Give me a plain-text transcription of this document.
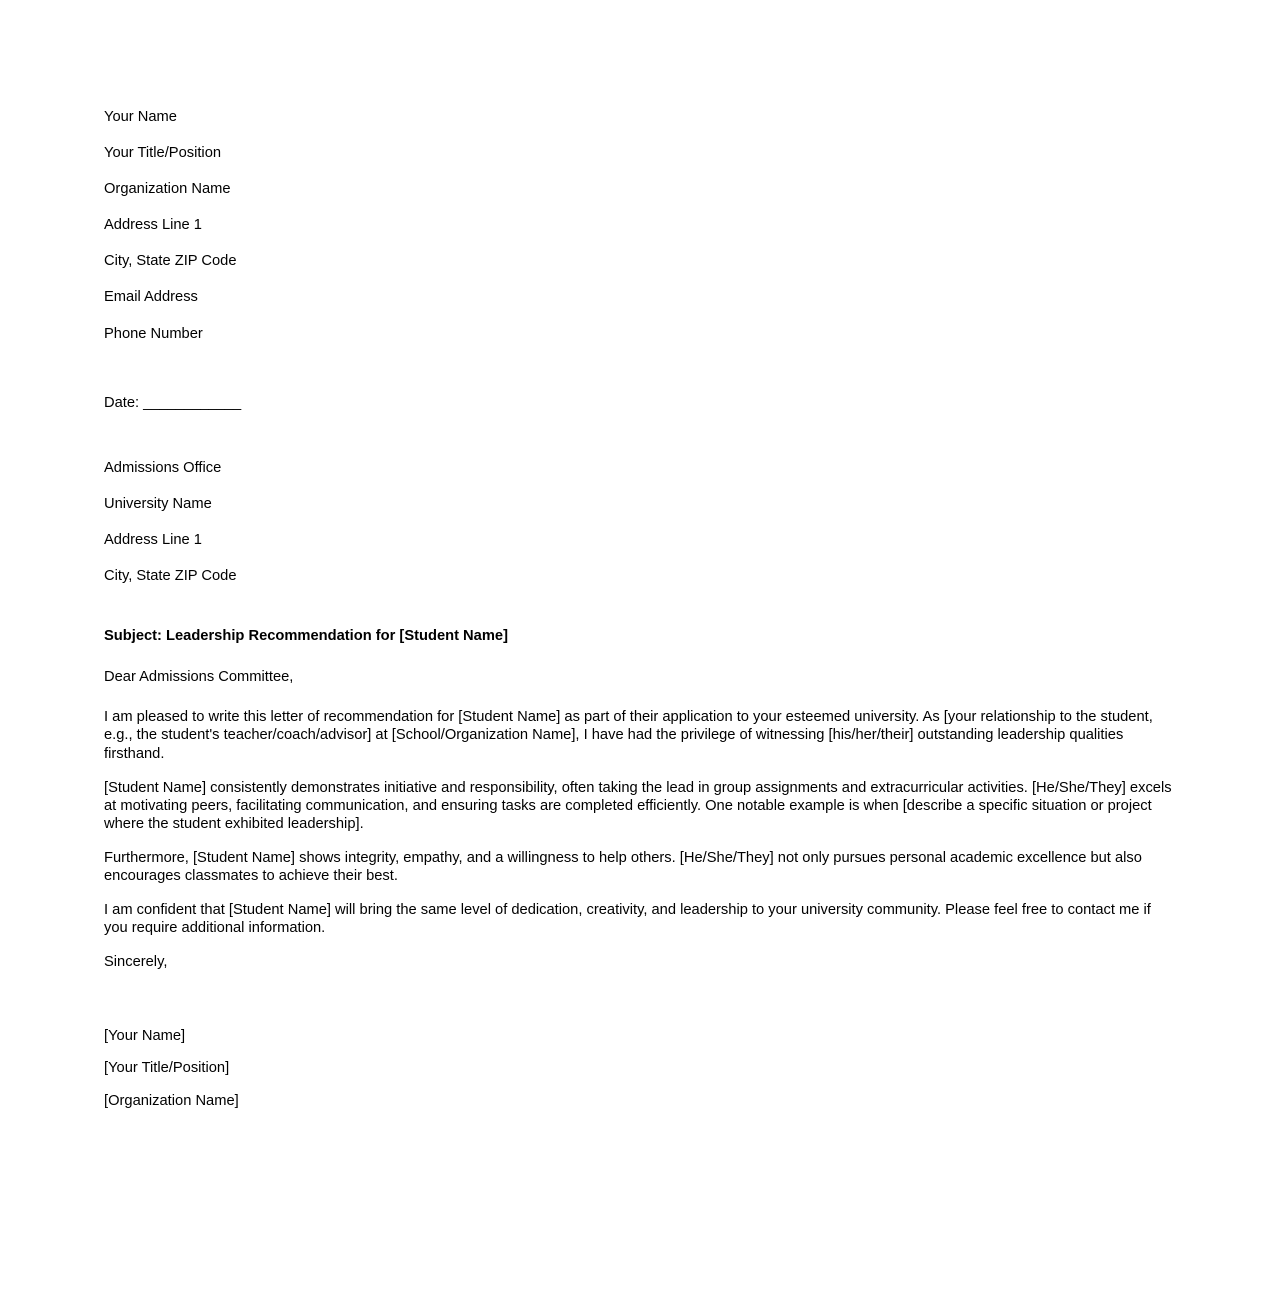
Your Name

Your Title/Position

Organization Name

Address Line 1

City, State ZIP Code

Email Address

Phone Number

Date: ____________

Admissions Office

University Name

Address Line 1

City, State ZIP Code

Subject: Leadership Recommendation for [Student Name]
Dear Admissions Committee,

I am pleased to write this letter of recommendation for [Student Name] as part of their application to your esteemed university. As [your relationship to the student, e.g., the student's teacher/coach/advisor] at [School/Organization Name], I have had the privilege of witnessing [his/her/their] outstanding leadership qualities firsthand.

[Student Name] consistently demonstrates initiative and responsibility, often taking the lead in group assignments and extracurricular activities. [He/She/They] excels at motivating peers, facilitating communication, and ensuring tasks are completed efficiently. One notable example is when [describe a specific situation or project where the student exhibited leadership].

Furthermore, [Student Name] shows integrity, empathy, and a willingness to help others. [He/She/They] not only pursues personal academic excellence but also encourages classmates to achieve their best.

I am confident that [Student Name] will bring the same level of dedication, creativity, and leadership to your university community. Please feel free to contact me if you require additional information.

Sincerely,

[Your Name]

[Your Title/Position]

[Organization Name]
